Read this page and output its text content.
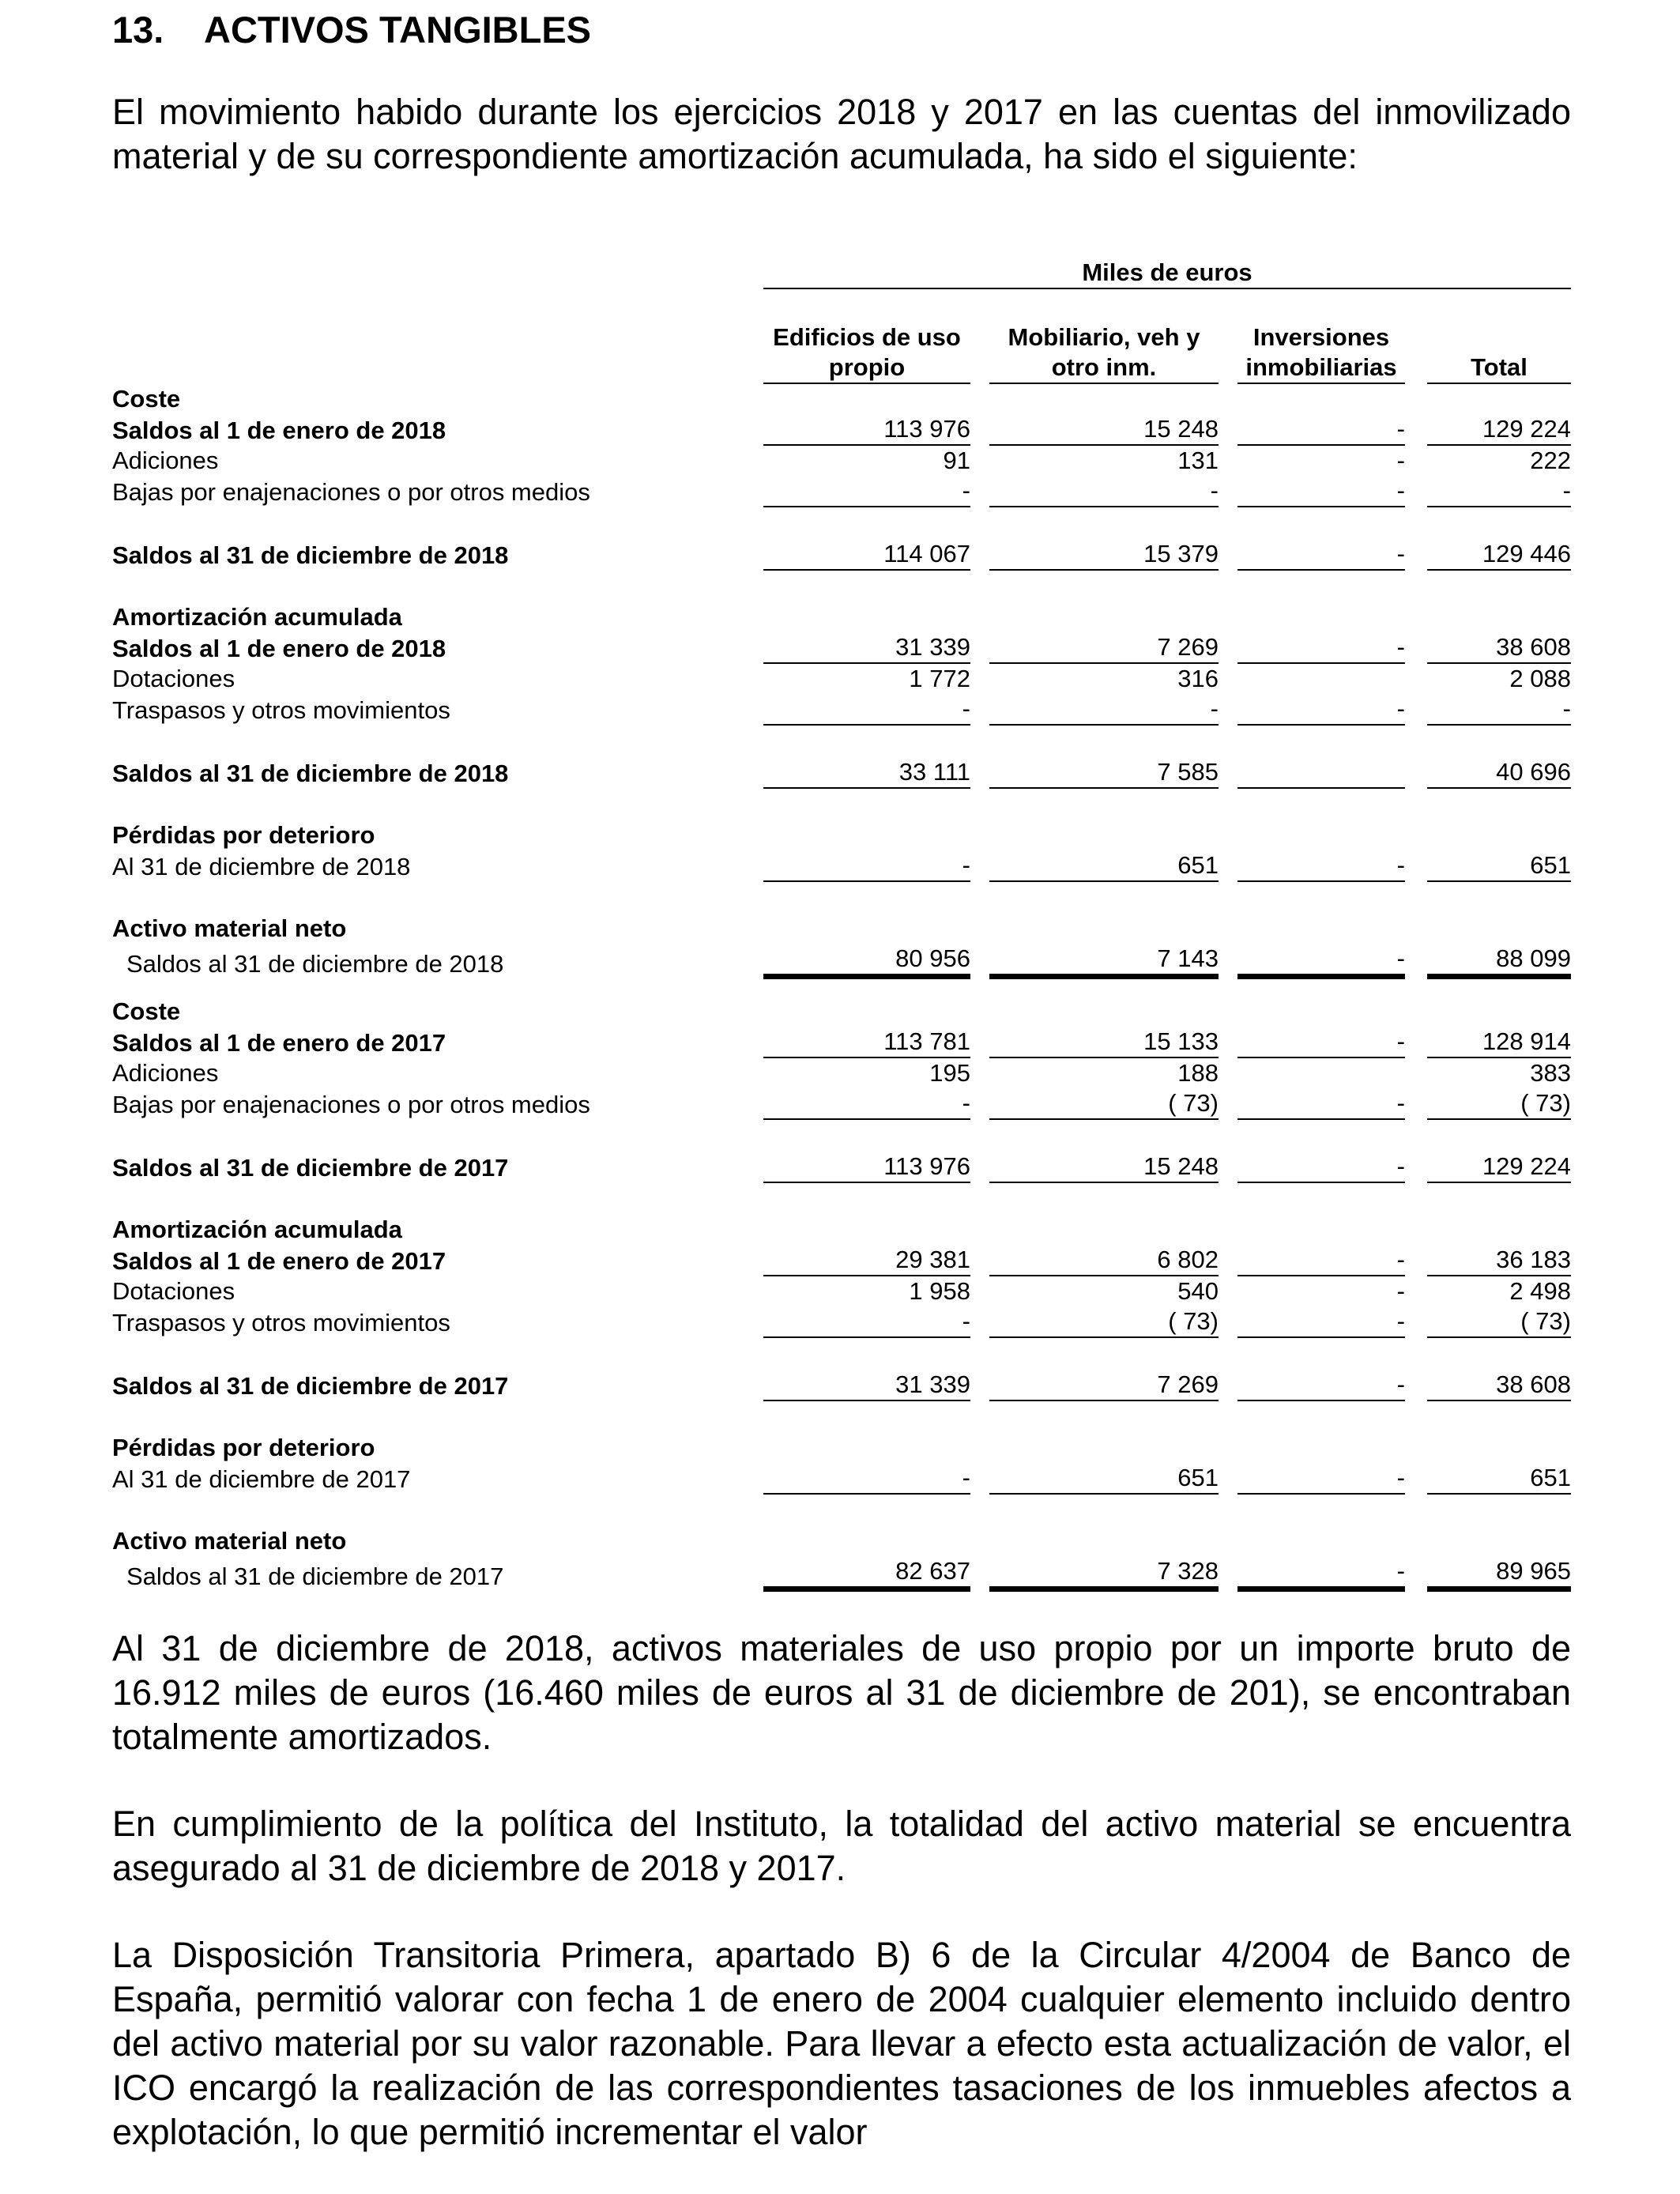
13. ACTIVOS TANGIBLES

El movimiento habido durante los ejercicios 2018 y 2017 en las cuentas del inmovilizado material y de su correspondiente amortización acumulada, ha sido el siguiente:

		Miles de euros						

		Edificios de uso		Mobiliario, veh y		Inversiones		
		propio		otro inm.		inmobiliarias		Total

Coste								
Saldos al 1 de enero de 2018		113 976		15 248		-		129 224
Adiciones		91		131		-		222
Bajas por enajenaciones o por otros medios		-		-		-		-

Saldos al 31 de diciembre de 2018		114 067		15 379		-		129 446

Amortización acumulada								
Saldos al 1 de enero de 2018		31 339		7 269		-		38 608
Dotaciones		1 772		316				2 088
Traspasos y otros movimientos		-		-		-		-

Saldos al 31 de diciembre de 2018		33 111		7 585				40 696

Pérdidas por deterioro								
Al 31 de diciembre de 2018		-		651		-		651

Activo material neto								
Saldos al 31 de diciembre de 2018		80 956		7 143		-		88 099

Coste								
Saldos al 1 de enero de 2017		113 781		15 133		-		128 914
Adiciones		195		188				383
Bajas por enajenaciones o por otros medios		-		( 73)		-		( 73)

Saldos al 31 de diciembre de 2017		113 976		15 248		-		129 224

Amortización acumulada								
Saldos al 1 de enero de 2017		29 381		6 802		-		36 183
Dotaciones		1 958		540		-		2 498
Traspasos y otros movimientos		-		( 73)		-		( 73)

Saldos al 31 de diciembre de 2017		31 339		7 269		-		38 608

Pérdidas por deterioro								
Al 31 de diciembre de 2017		-		651		-		651

Activo material neto								
Saldos al 31 de diciembre de 2017		82 637		7 328		-		89 965

Al 31 de diciembre de 2018, activos materiales de uso propio por un importe bruto de 16.912 miles de euros (16.460 miles de euros al 31 de diciembre de 201), se encontraban totalmente amortizados.

En cumplimiento de la política del Instituto, la totalidad del activo material se encuentra asegurado al 31 de diciembre de 2018 y 2017.

La Disposición Transitoria Primera, apartado B) 6 de la Circular 4/2004 de Banco de España, permitió valorar con fecha 1 de enero de 2004 cualquier elemento incluido dentro del activo material por su valor razonable. Para llevar a efecto esta actualización de valor, el ICO encargó la realización de las correspondientes tasaciones de los inmuebles afectos a explotación, lo que permitió incrementar el valor
